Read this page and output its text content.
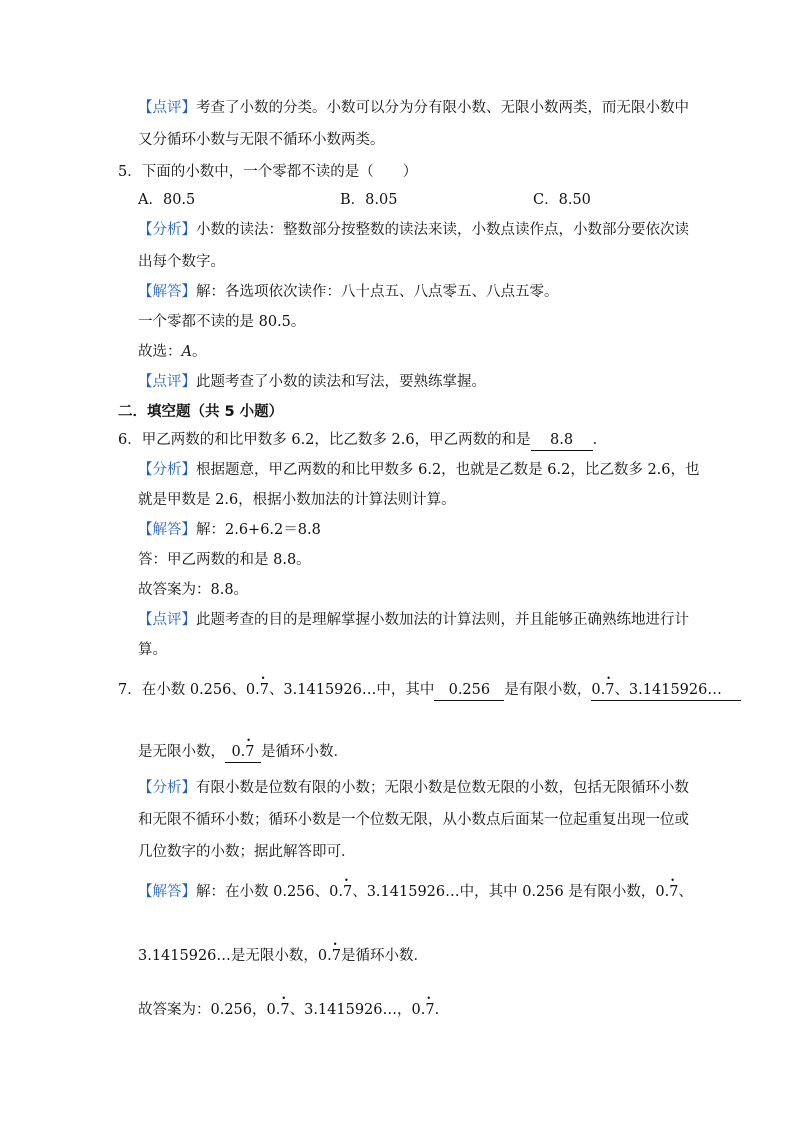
【点评】考查了小数的分类。小数可以分为分有限小数、无限小数两类，而无限小数中
又分循环小数与无限不循环小数两类。
5．下面的小数中，一个零都不读的是（　　）
A．80.5	B．8.05	C．8.50
【分析】小数的读法：整数部分按整数的读法来读，小数点读作点，小数部分要依次读
出每个数字。
【解答】解：各选项依次读作：八十点五、八点零五、八点五零。
一个零都不读的是 80.5。
故选：A。
【点评】此题考查了小数的读法和写法，要熟练掌握。
二．填空题（共 5 小题）
6．甲乙两数的和比甲数多 6.2，比乙数多 2.6，甲乙两数的和是 8.8 ．
【分析】根据题意，甲乙两数的和比甲数多 6.2，也就是乙数是 6.2，比乙数多 2.6，也
就是甲数是 2.6，根据小数加法的计算法则计算。
【解答】解：2.6+6.2＝8.8
答：甲乙两数的和是 8.8。
故答案为：8.8。
【点评】此题考查的目的是理解掌握小数加法的计算法则，并且能够正确熟练地进行计
算。
7．在小数 0.256、0.• 7、3.1415926…中，其中 0.256 是有限小数，0.• 7、3.1415926…
是无限小数， 0.• 7 是循环小数．
【分析】有限小数是位数有限的小数；无限小数是位数无限的小数，包括无限循环小数
和无限不循环小数；循环小数是一个位数无限，从小数点后面某一位起重复出现一位或
几位数字的小数；据此解答即可．
【解答】解：在小数 0.256、0.• 7、3.1415926…中，其中 0.256 是有限小数，0.• 7、
3.1415926…是无限小数，0.• 7是循环小数．
故答案为：0.256，0.• 7、3.1415926…，0.• 7．
